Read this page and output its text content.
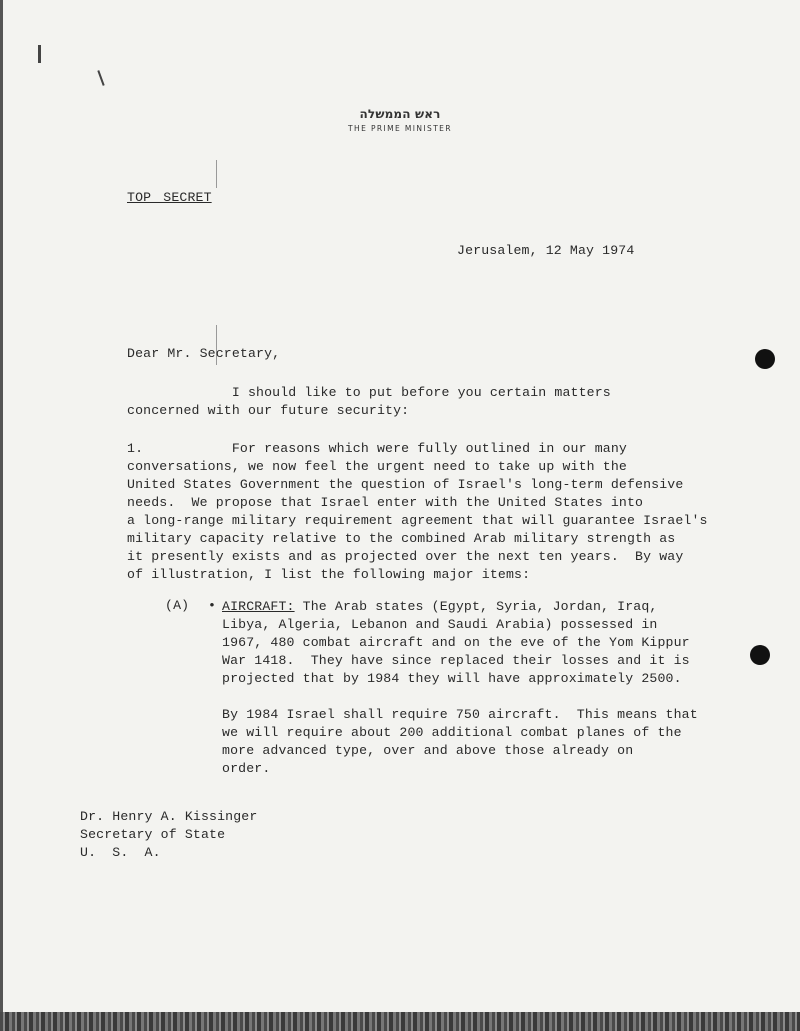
ראש הממשלה
THE PRIME MINISTER
TOP SECRET
Jerusalem, 12 May 1974
Dear Mr. Secretary,
I should like to put before you certain matters
concerned with our future security:
1.           For reasons which were fully outlined in our many
conversations, we now feel the urgent need to take up with the
United States Government the question of Israel's long-term defensive
needs.  We propose that Israel enter with the United States into
a long-range military requirement agreement that will guarantee Israel's
military capacity relative to the combined Arab military strength as
it presently exists and as projected over the next ten years.  By way
of illustration, I list the following major items:
(A) • AIRCRAFT: The Arab states (Egypt, Syria, Jordan, Iraq,
Libya, Algeria, Lebanon and Saudi Arabia) possessed in
1967, 480 combat aircraft and on the eve of the Yom Kippur
War 1418.  They have since replaced their losses and it is
projected that by 1984 they will have approximately 2500.
By 1984 Israel shall require 750 aircraft.  This means that
we will require about 200 additional combat planes of the
more advanced type, over and above those already on
order.
Dr. Henry A. Kissinger
Secretary of State
U.  S.  A.
